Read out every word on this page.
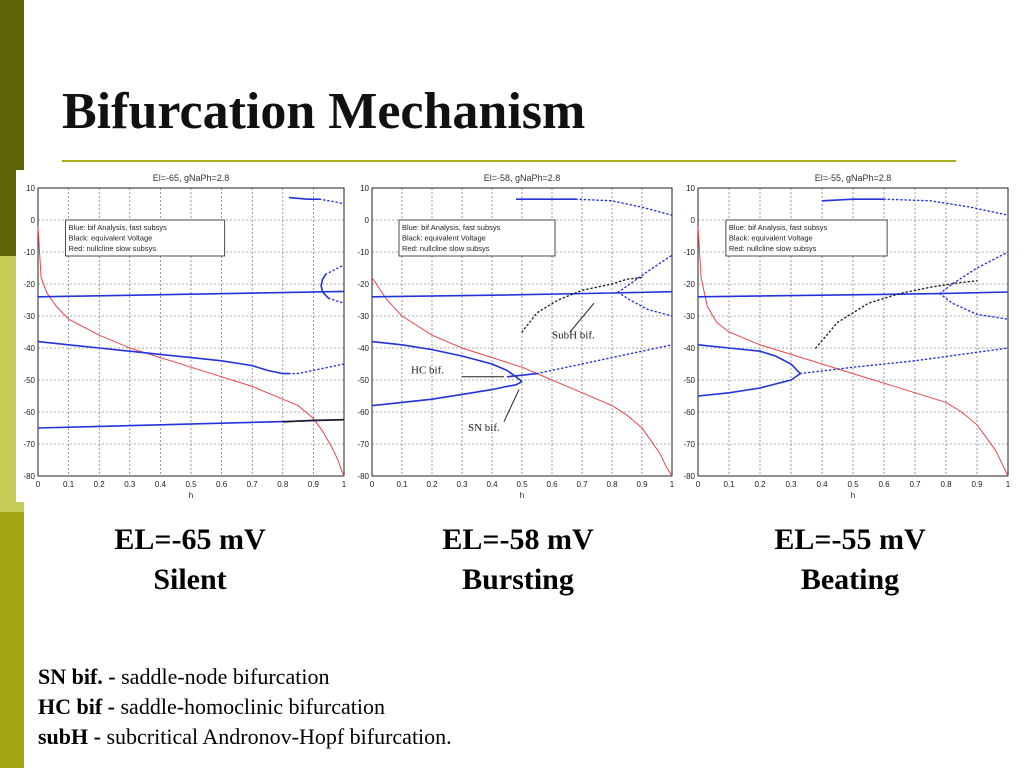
Bifurcation Mechanism
El=-65, gNaPh=2.8
0	0.1 0.2 0.3 0.4 0.5 0.6 0.7 0.8 0.9	1
10
0
-10
-20
-30
-40
-50
-60
-70
-80
h
Blue: bif Analysis, fast subsys
Black: equivalent Voltage
Red: nullcline slow subsys
El=-58, gNaPh=2.8
0	0.1 0.2 0.3 0.4 0.5 0.6 0.7 0.8 0.9	1
10
0
-10
-20
-30
-40
-50
-60
-70
-80
h
Blue: bif Analysis, fast subsys
Black: equivalent Voltage
Red: nullcline slow subsys
SubH bif.
HC bif.
SN bif.
El=-55, gNaPh=2.8
0	0.1 0.2 0.3 0.4 0.5 0.6 0.7 0.8 0.9	1
10
0
-10
-20
-30
-40
-50
-60
-70
-80
h
Blue: bif Analysis, fast subsys
Black: equivalent Voltage
Red: nullcline slow subsys
EL=-65 mV
Silent
EL=-58 mV
Bursting
EL=-55 mV
Beating
SN bif. - saddle-node bifurcation
HC bif - saddle-homoclinic bifurcation
subH - subcritical Andronov-Hopf bifurcation.
